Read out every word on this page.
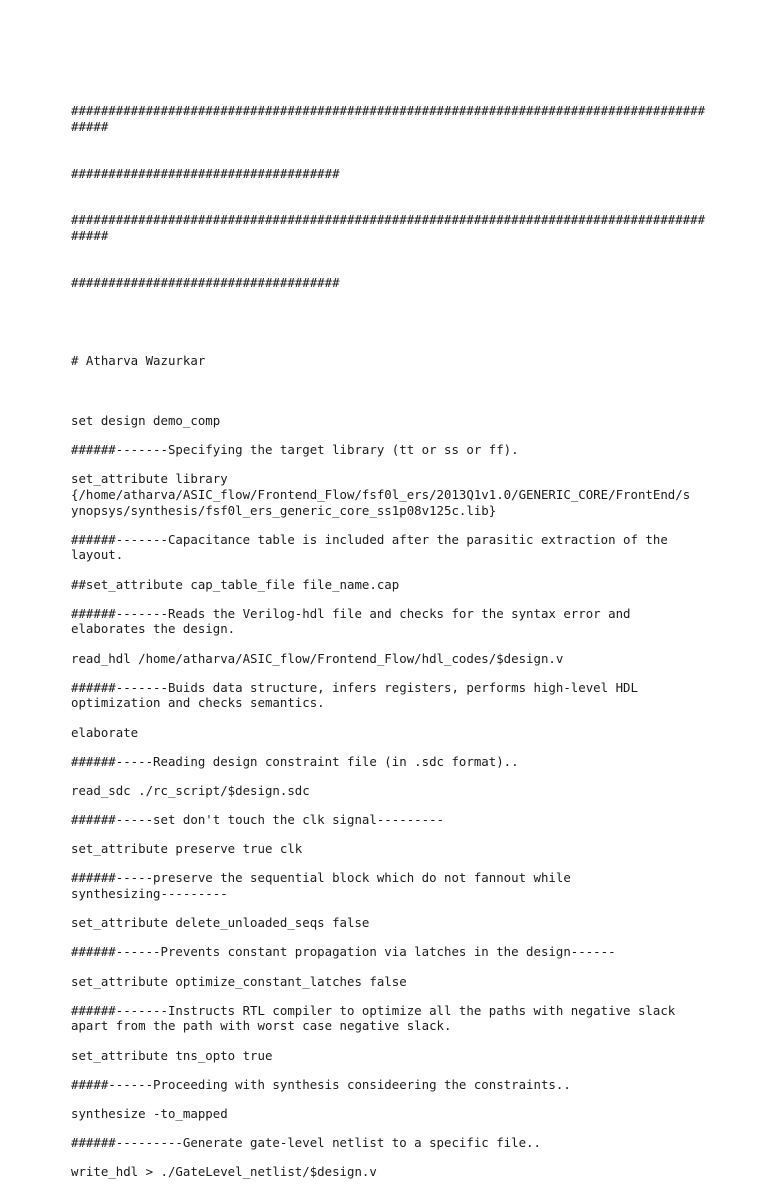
##########################################################################################

####################################

##########################################################################################

####################################

# Atharva Wazurkar

set design demo_comp
######-------Specifying the target library (tt or ss or ff).
set_attribute library
{/home/atharva/ASIC_flow/Frontend_Flow/fsf0l_ers/2013Q1v1.0/GENERIC_CORE/FrontEnd/s
ynopsys/synthesis/fsf0l_ers_generic_core_ss1p08v125c.lib}
######-------Capacitance table is included after the parasitic extraction of the
layout.
##set_attribute cap_table_file file_name.cap
######-------Reads the Verilog-hdl file and checks for the syntax error and
elaborates the design.
read_hdl /home/atharva/ASIC_flow/Frontend_Flow/hdl_codes/$design.v
######-------Buids data structure, infers registers, performs high-level HDL
optimization and checks semantics.
elaborate
######-----Reading design constraint file (in .sdc format)..
read_sdc ./rc_script/$design.sdc
######-----set don't touch the clk signal---------
set_attribute preserve true clk
######-----preserve the sequential block which do not fannout while
synthesizing---------
set_attribute delete_unloaded_seqs false
######------Prevents constant propagation via latches in the design------
set_attribute optimize_constant_latches false
######-------Instructs RTL compiler to optimize all the paths with negative slack
apart from the path with worst case negative slack.
set_attribute tns_opto true
#####------Proceeding with synthesis consideering the constraints..
synthesize -to_mapped
######---------Generate gate-level netlist to a specific file..
write_hdl > ./GateLevel_netlist/$design.v
